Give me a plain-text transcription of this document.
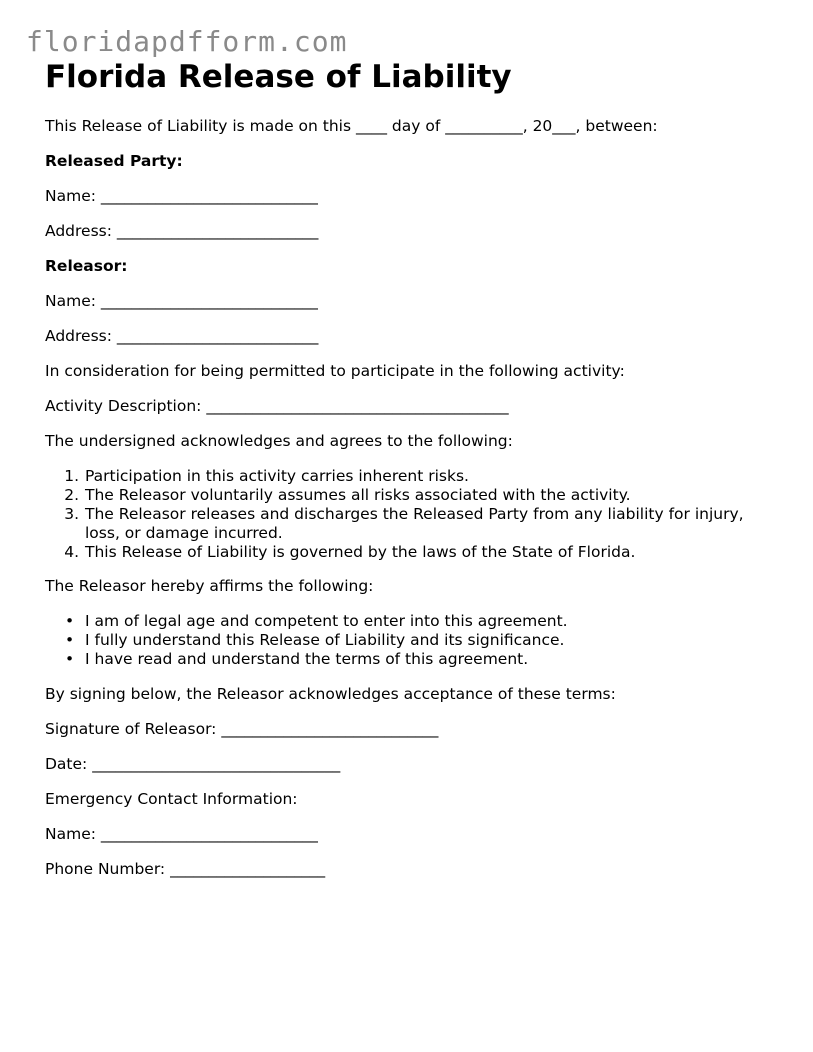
floridapdfform.com
Florida Release of Liability

This Release of Liability is made on this ____ day of __________, 20___, between:

Released Party:

Name: ____________________________

Address: __________________________

Releasor:

Name: ____________________________

Address: __________________________

In consideration for being permitted to participate in the following activity:

Activity Description: _______________________________________

The undersigned acknowledges and agrees to the following:

1. Participation in this activity carries inherent risks.
2. The Releasor voluntarily assumes all risks associated with the activity.
3. The Releasor releases and discharges the Released Party from any liability for injury,
loss, or damage incurred.
4. This Release of Liability is governed by the laws of the State of Florida.

The Releasor hereby affirms the following:

• I am of legal age and competent to enter into this agreement.
• I fully understand this Release of Liability and its significance.
• I have read and understand the terms of this agreement.

By signing below, the Releasor acknowledges acceptance of these terms:

Signature of Releasor: ____________________________

Date: ________________________________

Emergency Contact Information:

Name: ____________________________

Phone Number: ____________________
